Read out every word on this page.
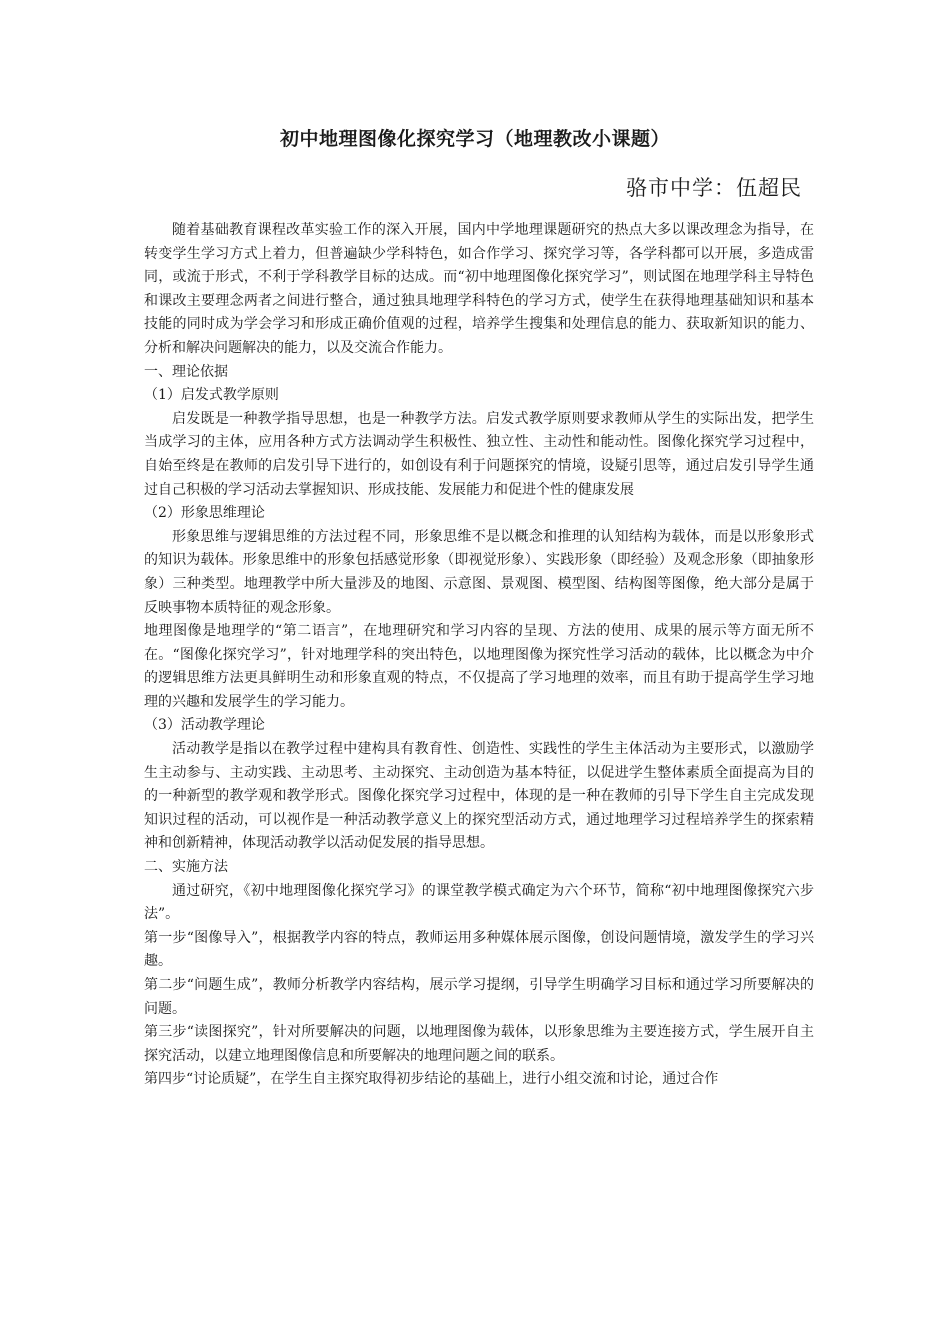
初中地理图像化探究学习（地理教改小课题）
骆市中学：伍超民

随着基础教育课程改革实验工作的深入开展，国内中学地理课题研究的热点大多以课改理念为指导，在转变学生学习方式上着力，但普遍缺少学科特色，如合作学习、探究学习等，各学科都可以开展，多造成雷同，或流于形式，不利于学科教学目标的达成。而“初中地理图像化探究学习”，则试图在地理学科主导特色和课改主要理念两者之间进行整合，通过独具地理学科特色的学习方式，使学生在获得地理基础知识和基本技能的同时成为学会学习和形成正确价值观的过程，培养学生搜集和处理信息的能力、获取新知识的能力、分析和解决问题解决的能力，以及交流合作能力。

一、理论依据

（1）启发式教学原则

启发既是一种教学指导思想，也是一种教学方法。启发式教学原则要求教师从学生的实际出发，把学生当成学习的主体，应用各种方式方法调动学生积极性、独立性、主动性和能动性。图像化探究学习过程中，自始至终是在教师的启发引导下进行的，如创设有利于问题探究的情境，设疑引思等，通过启发引导学生通过自己积极的学习活动去掌握知识、形成技能、发展能力和促进个性的健康发展

（2）形象思维理论

形象思维与逻辑思维的方法过程不同，形象思维不是以概念和推理的认知结构为载体，而是以形象形式的知识为载体。形象思维中的形象包括感觉形象（即视觉形象）、实践形象（即经验）及观念形象（即抽象形象）三种类型。地理教学中所大量涉及的地图、示意图、景观图、模型图、结构图等图像，绝大部分是属于反映事物本质特征的观念形象。

地理图像是地理学的“第二语言”，在地理研究和学习内容的呈现、方法的使用、成果的展示等方面无所不在。“图像化探究学习”，针对地理学科的突出特色，以地理图像为探究性学习活动的载体，比以概念为中介的逻辑思维方法更具鲜明生动和形象直观的特点，不仅提高了学习地理的效率，而且有助于提高学生学习地理的兴趣和发展学生的学习能力。

（3）活动教学理论

活动教学是指以在教学过程中建构具有教育性、创造性、实践性的学生主体活动为主要形式，以激励学生主动参与、主动实践、主动思考、主动探究、主动创造为基本特征，以促进学生整体素质全面提高为目的的一种新型的教学观和教学形式。图像化探究学习过程中，体现的是一种在教师的引导下学生自主完成发现知识过程的活动，可以视作是一种活动教学意义上的探究型活动方式，通过地理学习过程培养学生的探索精神和创新精神，体现活动教学以活动促发展的指导思想。

二、实施方法

通过研究，《初中地理图像化探究学习》的课堂教学模式确定为六个环节，简称“初中地理图像探究六步法”。

第一步“图像导入”，根据教学内容的特点，教师运用多种媒体展示图像，创设问题情境，激发学生的学习兴趣。

第二步“问题生成”，教师分析教学内容结构，展示学习提纲，引导学生明确学习目标和通过学习所要解决的问题。

第三步“读图探究”，针对所要解决的问题，以地理图像为载体，以形象思维为主要连接方式，学生展开自主探究活动，以建立地理图像信息和所要解决的地理问题之间的联系。

第四步“讨论质疑”，在学生自主探究取得初步结论的基础上，进行小组交流和讨论，通过合作
